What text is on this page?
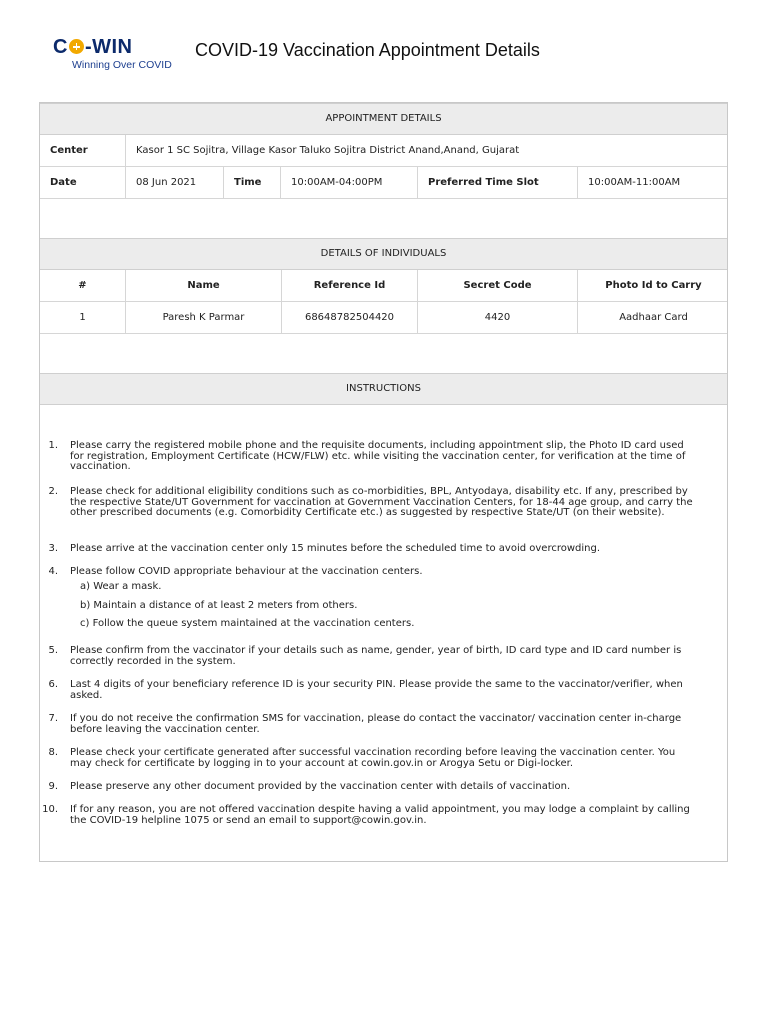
C -WIN
Winning Over COVID
COVID-19 Vaccination Appointment Details
APPOINTMENT DETAILS
Center	Kasor 1 SC Sojitra, Village Kasor Taluko Sojitra District Anand,Anand, Gujarat
Date	08 Jun 2021	Time	10:00AM-04:00PM	Preferred Time Slot	10:00AM-11:00AM
DETAILS OF INDIVIDUALS
#	Name	Reference Id	Secret Code	Photo Id to Carry
1	Paresh K Parmar	68648782504420	4420	Aadhaar Card
INSTRUCTIONS
1. Please carry the registered mobile phone and the requisite documents, including appointment slip, the Photo ID card used for registration, Employment Certificate (HCW/FLW) etc. while visiting the vaccination center, for verification at the time of vaccination.
2. Please check for additional eligibility conditions such as co-morbidities, BPL, Antyodaya, disability etc. If any, prescribed by the respective State/UT Government for vaccination at Government Vaccination Centers, for 18-44 age group, and carry the other prescribed documents (e.g. Comorbidity Certificate etc.) as suggested by respective State/UT (on their website).
3. Please arrive at the vaccination center only 15 minutes before the scheduled time to avoid overcrowding.
4. Please follow COVID appropriate behaviour at the vaccination centers.
a) Wear a mask.
b) Maintain a distance of at least 2 meters from others.
c) Follow the queue system maintained at the vaccination centers.
5. Please confirm from the vaccinator if your details such as name, gender, year of birth, ID card type and ID card number is correctly recorded in the system.
6. Last 4 digits of your beneficiary reference ID is your security PIN. Please provide the same to the vaccinator/verifier, when asked.
7. If you do not receive the confirmation SMS for vaccination, please do contact the vaccinator/ vaccination center in-charge before leaving the vaccination center.
8. Please check your certificate generated after successful vaccination recording before leaving the vaccination center. You may check for certificate by logging in to your account at cowin.gov.in or Arogya Setu or Digi-locker.
9. Please preserve any other document provided by the vaccination center with details of vaccination.
10. If for any reason, you are not offered vaccination despite having a valid appointment, you may lodge a complaint by calling the COVID-19 helpline 1075 or send an email to support@cowin.gov.in.
